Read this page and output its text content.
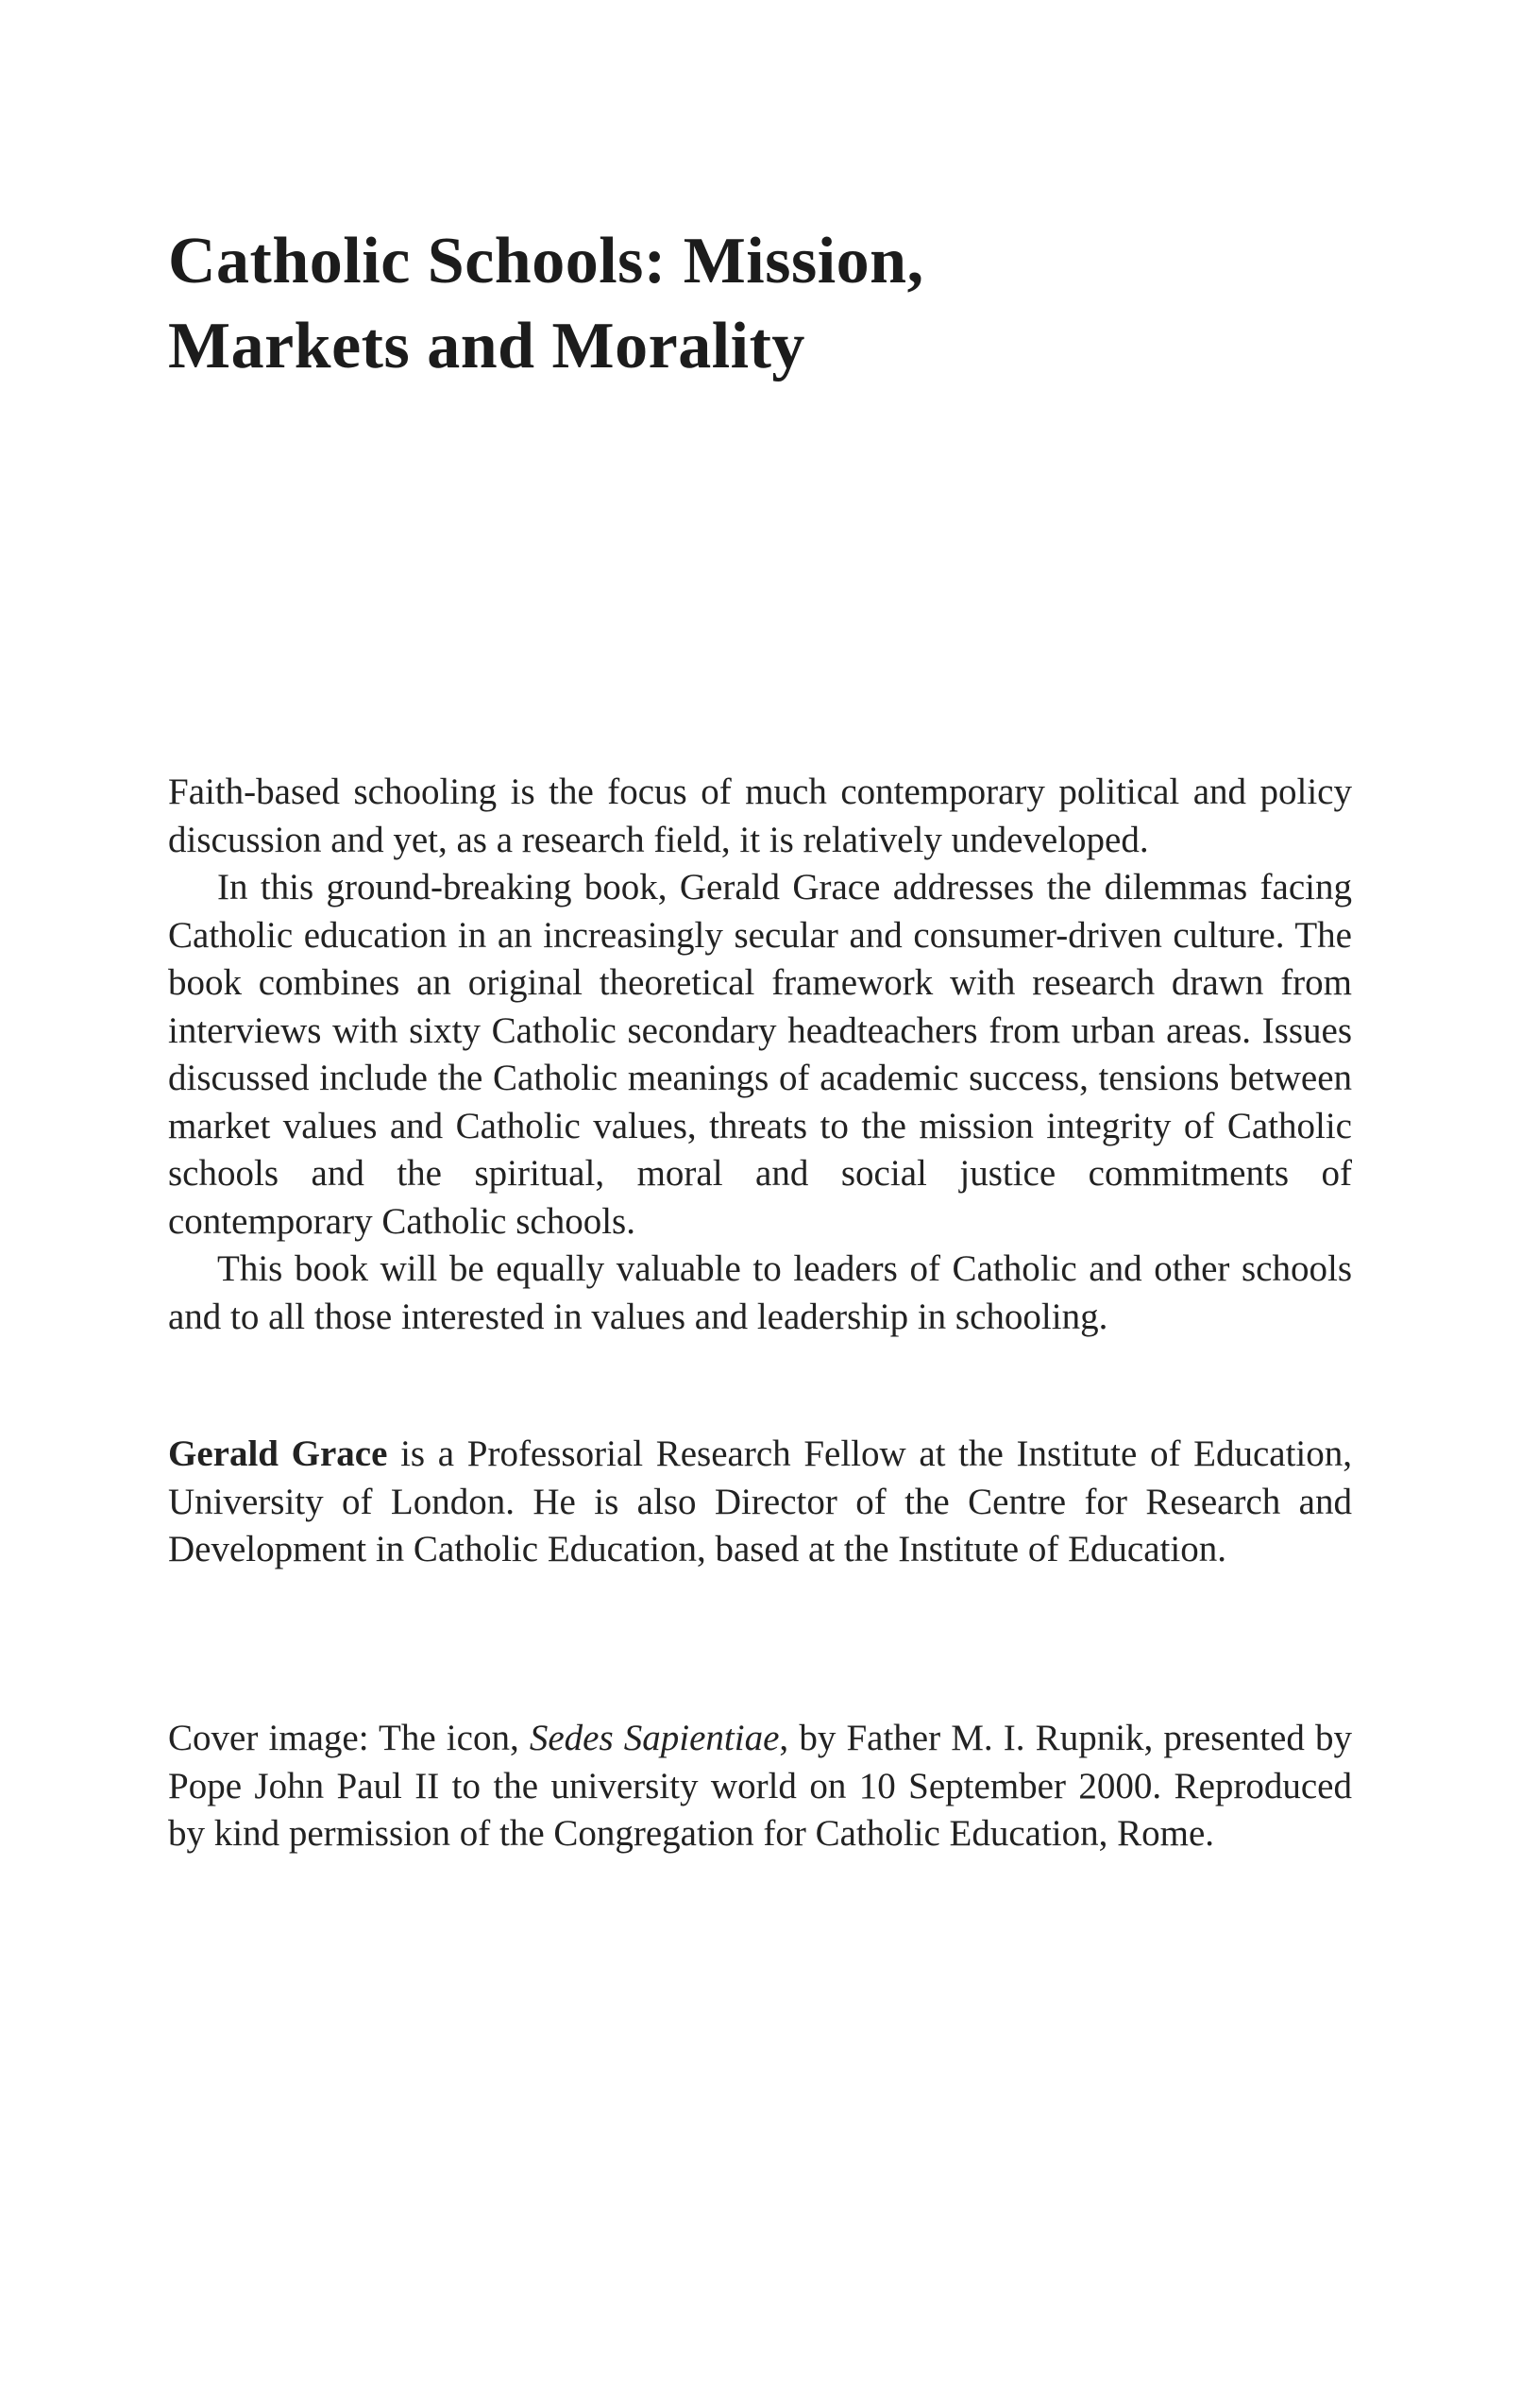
Catholic Schools: Mission,
Markets and Morality

Faith-based schooling is the focus of much contemporary political and policy discussion and yet, as a research field, it is relatively undeveloped.

In this ground-breaking book, Gerald Grace addresses the dilemmas facing Catholic education in an increasingly secular and consumer-driven culture. The book combines an original theoretical framework with research drawn from interviews with sixty Catholic secondary headteachers from urban areas. Issues discussed include the Catholic meanings of academic success, tensions between market values and Catholic values, threats to the mission integrity of Catholic schools and the spiritual, moral and social justice commitments of contemporary Catholic schools.

This book will be equally valuable to leaders of Catholic and other schools and to all those interested in values and leadership in schooling.

Gerald Grace is a Professorial Research Fellow at the Institute of Education, University of London. He is also Director of the Centre for Research and Development in Catholic Education, based at the Institute of Education.

Cover image: The icon, Sedes Sapientiae, by Father M. I. Rupnik, presented by Pope John Paul II to the university world on 10 September 2000. Reproduced by kind permission of the Congregation for Catholic Education, Rome.
